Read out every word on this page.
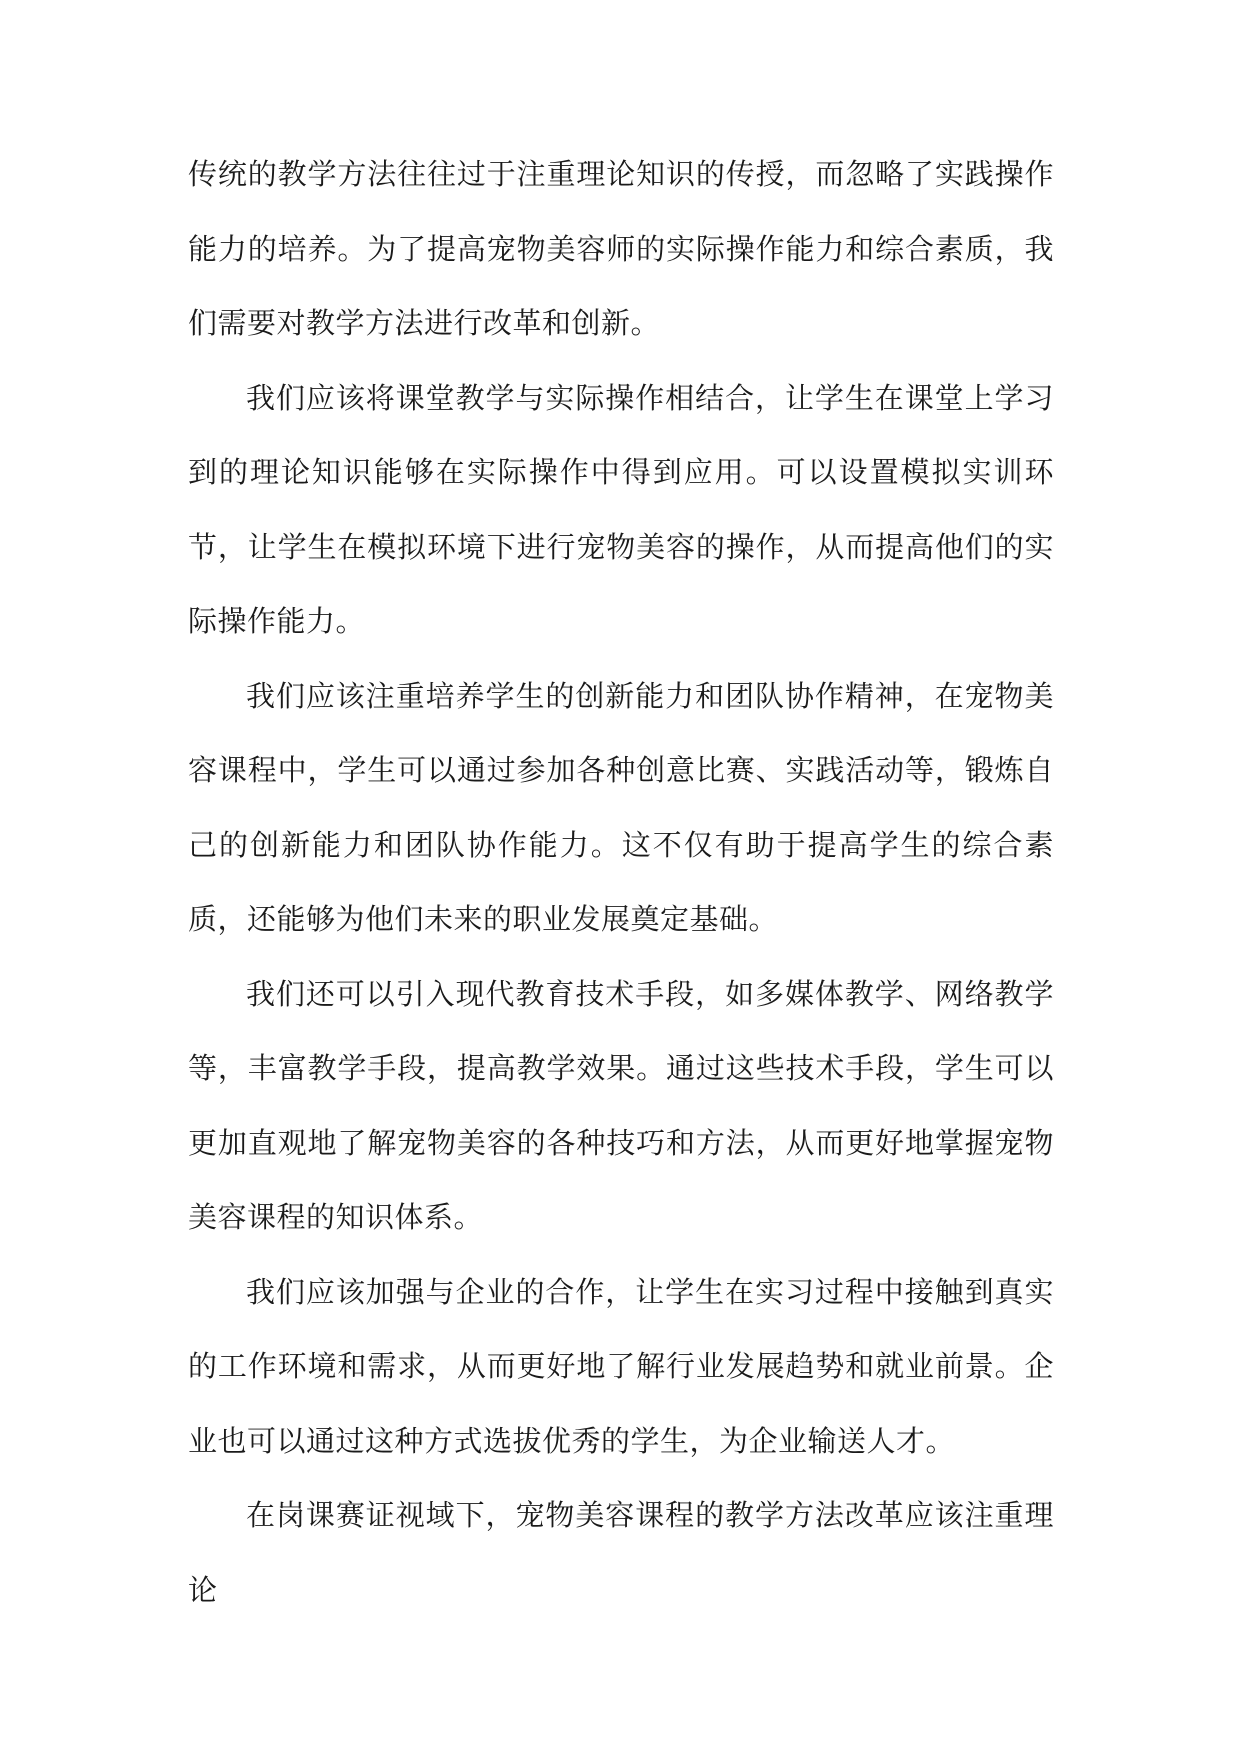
传统的教学方法往往过于注重理论知识的传授，而忽略了实践操作能力的培养。为了提高宠物美容师的实际操作能力和综合素质，我们需要对教学方法进行改革和创新。

我们应该将课堂教学与实际操作相结合，让学生在课堂上学习到的理论知识能够在实际操作中得到应用。可以设置模拟实训环节，让学生在模拟环境下进行宠物美容的操作，从而提高他们的实际操作能力。

我们应该注重培养学生的创新能力和团队协作精神，在宠物美容课程中，学生可以通过参加各种创意比赛、实践活动等，锻炼自己的创新能力和团队协作能力。这不仅有助于提高学生的综合素质，还能够为他们未来的职业发展奠定基础。

我们还可以引入现代教育技术手段，如多媒体教学、网络教学等，丰富教学手段，提高教学效果。通过这些技术手段，学生可以更加直观地了解宠物美容的各种技巧和方法，从而更好地掌握宠物美容课程的知识体系。

我们应该加强与企业的合作，让学生在实习过程中接触到真实的工作环境和需求，从而更好地了解行业发展趋势和就业前景。企业也可以通过这种方式选拔优秀的学生，为企业输送人才。

在岗课赛证视域下，宠物美容课程的教学方法改革应该注重理论
